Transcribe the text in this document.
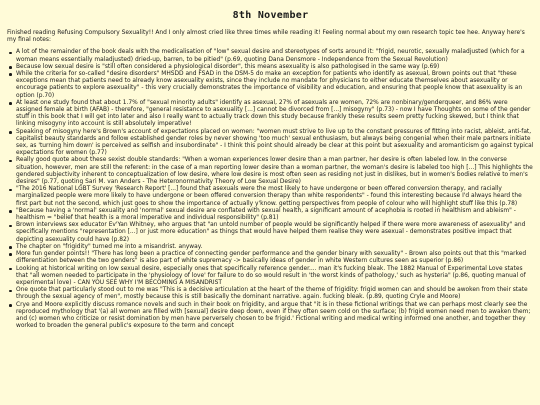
8th November
Finished reading Refusing Compulsory Sexuality!! And I only almost cried like three times while reading it! Feeling normal about my own research topic tee hee. Anyway here's my final notes:
A lot of the remainder of the book deals with the medicalisation of "low" sexual desire and stereotypes of sorts around it: "frigid, neurotic, sexually maladjusted (which for a woman means essentially maladjusted) dried-up, barren, to be pitied" (p.69, quoting Dana Densmore - Independence from the Sexual Revolution)
Because low sexual desire is "still often considered a physiological disorder", this means asexuality is also pathologised in the same way (p.69)
While the criteria for so-called "desire disorders" MHSDD and FSAD in the DSM-5 do make an exception for patients who identify as asexual, Brown points out that "these exceptions mean that patients need to already know asexuality exists, since they include no mandate for physicians to either educate themselves about asexuality or encourage patients to explore asexuality" - this very crucially demonstrates the importance of visibility and education, and ensuring that people know that asexuality is an option (p.70)
At least one study found that about 1.7% of "sexual minority adults" identify as asexual, 27% of asexuals are women, 72% are nonbinary/genderqueer, and 86% were assigned female at birth (AFAB) - therefore, "general resistance to asexuality [...] cannot be divorced from [...] misogyny" (p.73) - now I have Thoughts on some of the gender stuff in this book that I will get into later and also I really want to actually track down this study because frankly these results seem pretty fucking skewed, but I think that linking misogyny into account is still absolutely imperative!
Speaking of misogyny here's Brown's account of expectations placed on women: "women must strive to live up to the constant pressures of fitting into racist, ableist, anti-fat, capitalist beauty standards and follow established gender roles by never showing 'too much' sexual enthusiasm, but always being congenial when their male partners initiate sex, as 'turning him down' is perceived as selfish and insubordinate" - I think this point should already be clear at this point but asexuality and aromanticism go against typical expectations for women (p.77)
Really good quote about these sexist double standards: "When a woman experiences lower desire than a man partner, her desire is often labeled low. In the converse situation, however, men are still the referent: in the case of a man reporting lower desire than a woman partner, the woman's desire is labeled too high [...] This highlights the gendered subjectivity inherent to conceptualization of low desire, where low desire is most often seen as residing not just in dislikes, but in women's bodies relative to men's desires" (p.77, quoting Sari M. van Anders - The Heteronormativity Theory of Low Sexual Desire)
"The 2016 National LGBT Survey 'Research Report' [...] found that asexuals were the most likely to have undergone or been offered conversion therapy, and racially marginalized people were more likely to have undergone or been offered conversion therapy than white respondents" - found this interesting because I'd always heard the first part but not the second, which just goes to show the importance of actually y'know. getting perspectives from people of colour who will highlight stuff like this (p.78)
"Because having a 'normal' sexuality and 'normal' sexual desire are conflated with sexual health, a significant amount of acephobia is rooted in healthism and ableism" - healthism = "belief that health is a moral imperative and individual responsibility" (p.81)
Brown interviews sex educator Ev'Yan Whitney, who argues that "an untold number of people would be significantly helped if there were more awareness of asexuality" and specifically mentions "representation [...] or just more education" as things that would have helped them realise they were asexual - demonstrates positive impact that depicting asexuality could have (p.82)
The chapter on "frigidity" turned me into a misandrist. anyway.
More fun gender points!! "There has long been a practice of connecting gender performance and the gender binary with sexuality" - Brown also points out that this "marked differentiation between the two genders" is also part of white supremacy -> basically ideas of gender in white Western cultures seen as superior (p.86)
Looking at historical writing on low sexual desire, especially ones that specifically reference gender.... man it's fucking bleak. The 1882 Manual of Experimental Love states that "all women needed to participate in the 'physiology of love' for failure to do so would result in 'the worst kinds of pathology,' such as hysteria" (p.86, quoting manual of experimental love) - CAN YOU SEE WHY I'M BECOMING A MISANDRIST
One quote that particularly stood out to me was "This is a decisive articulation at the heart of the theme of frigidity: frigid women can and should be awoken from their state through the sexual agency of men", mostly because this is still basically the dominant narrative. again. fucking bleak. (p.89, quoting Cryle and Moore)
Crye and Moore explicitly discuss romance novels and such in their book on frigidity, and argue that "it is in these fictional writings that we can perhaps most clearly see the reproduced mythology that '(a) all women are filled with [sexual] desire deep down, even if they often seem cold on the surface; (b) frigid women need men to awaken them; and (c) women who criticize or resist domination by men have perversely chosen to be frigid.' Fictional writing and medical writing informed one another, and together they worked to broaden the general public's exposure to the term and concept
